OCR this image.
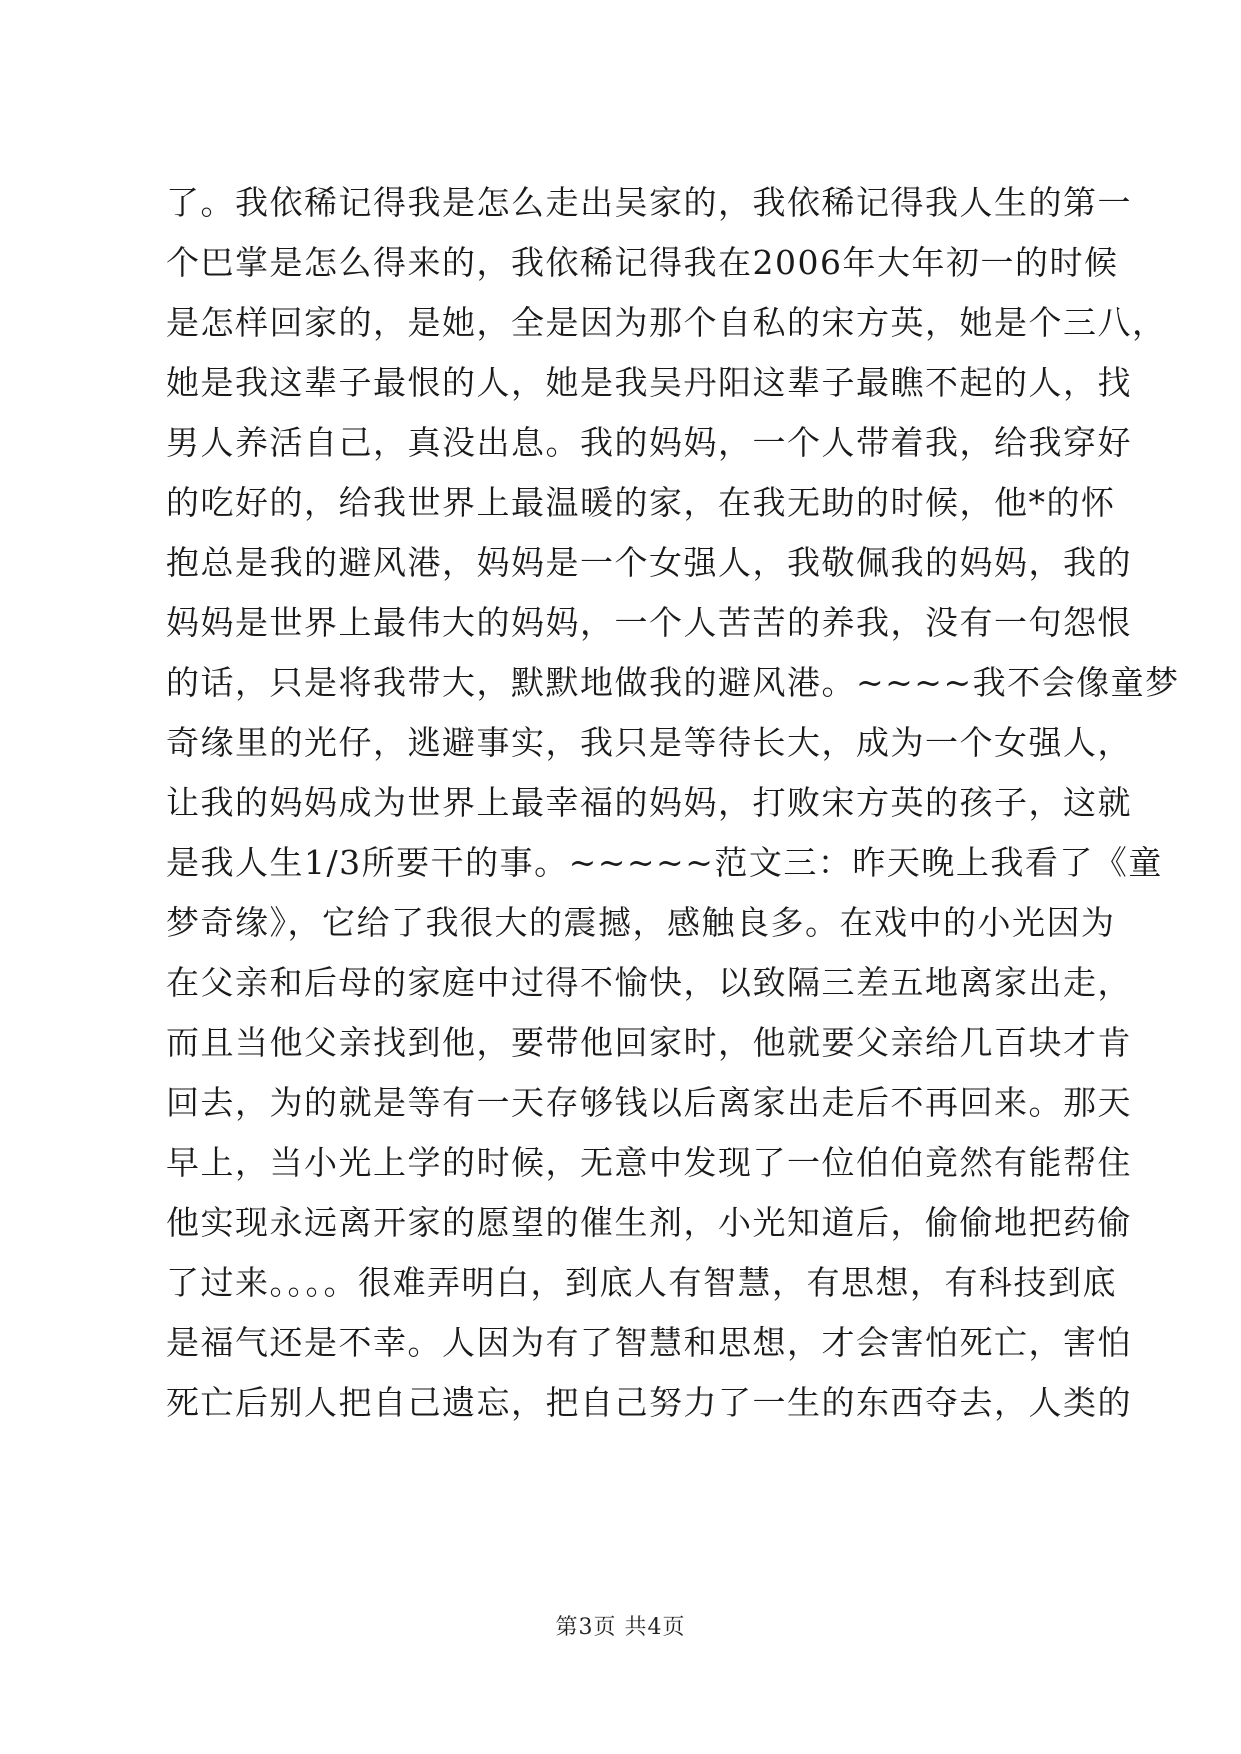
了。我依稀记得我是怎么走出吴家的，我依稀记得我人生的第一
个巴掌是怎么得来的，我依稀记得我在2006年大年初一的时候
是怎样回家的，是她，全是因为那个自私的宋方英，她是个三八，
她是我这辈子最恨的人，她是我吴丹阳这辈子最瞧不起的人，找
男人养活自己，真没出息。我的妈妈，一个人带着我，给我穿好
的吃好的，给我世界上最温暖的家，在我无助的时候，他*的怀
抱总是我的避风港，妈妈是一个女强人，我敬佩我的妈妈，我的
妈妈是世界上最伟大的妈妈，一个人苦苦的养我，没有一句怨恨
的话，只是将我带大，默默地做我的避风港。~~~~我不会像童梦
奇缘里的光仔，逃避事实，我只是等待长大，成为一个女强人，
让我的妈妈成为世界上最幸福的妈妈，打败宋方英的孩子，这就
是我人生1/3所要干的事。~~~~~范文三：昨天晚上我看了《童
梦奇缘》，它给了我很大的震撼，感触良多。在戏中的小光因为
在父亲和后母的家庭中过得不愉快，以致隔三差五地离家出走，
而且当他父亲找到他，要带他回家时，他就要父亲给几百块才肯
回去，为的就是等有一天存够钱以后离家出走后不再回来。那天
早上，当小光上学的时候，无意中发现了一位伯伯竟然有能帮住
他实现永远离开家的愿望的催生剂，小光知道后，偷偷地把药偷
了过来。。。。很难弄明白，到底人有智慧，有思想，有科技到底
是福气还是不幸。人因为有了智慧和思想，才会害怕死亡，害怕
死亡后别人把自己遗忘，把自己努力了一生的东西夺去，人类的
第3页 共4页
